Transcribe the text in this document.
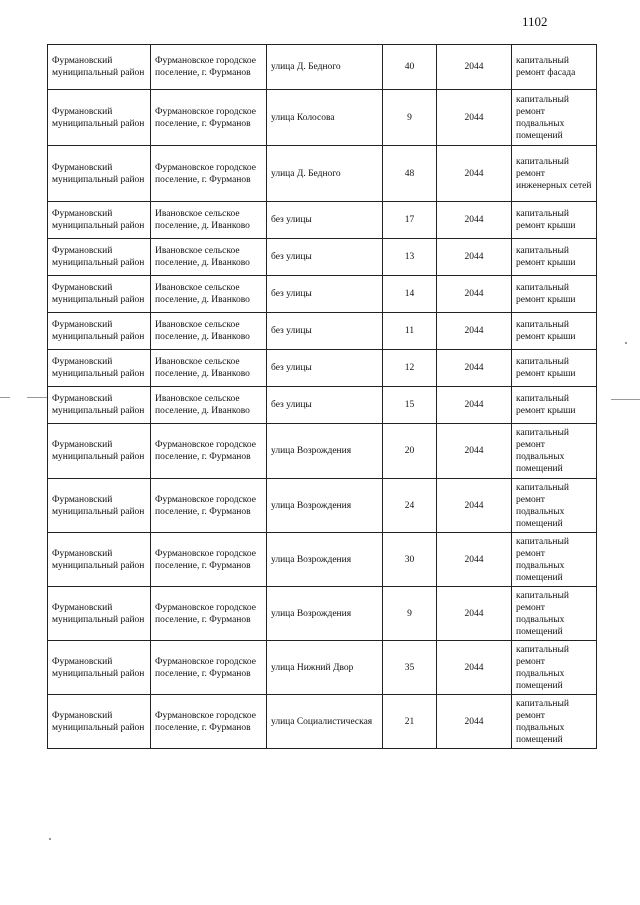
1102
Фурмановский муниципальный район	Фурмановское городское поселение, г. Фурманов	улица Д. Бедного	40	2044	капитальный ремонт фасада
Фурмановский муниципальный район	Фурмановское городское поселение, г. Фурманов	улица Колосова	9	2044	капитальный ремонт подвальных помещений
Фурмановский муниципальный район	Фурмановское городское поселение, г. Фурманов	улица Д. Бедного	48	2044	капитальный ремонт инженерных сетей
Фурмановский муниципальный район	Ивановское сельское поселение, д. Иванково	без улицы	17	2044	капитальный ремонт крыши
Фурмановский муниципальный район	Ивановское сельское поселение, д. Иванково	без улицы	13	2044	капитальный ремонт крыши
Фурмановский муниципальный район	Ивановское сельское поселение, д. Иванково	без улицы	14	2044	капитальный ремонт крыши
Фурмановский муниципальный район	Ивановское сельское поселение, д. Иванково	без улицы	11	2044	капитальный ремонт крыши
Фурмановский муниципальный район	Ивановское сельское поселение, д. Иванково	без улицы	12	2044	капитальный ремонт крыши
Фурмановский муниципальный район	Ивановское сельское поселение, д. Иванково	без улицы	15	2044	капитальный ремонт крыши
Фурмановский муниципальный район	Фурмановское городское поселение, г. Фурманов	улица Возрождения	20	2044	капитальный ремонт подвальных помещений
Фурмановский муниципальный район	Фурмановское городское поселение, г. Фурманов	улица Возрождения	24	2044	капитальный ремонт подвальных помещений
Фурмановский муниципальный район	Фурмановское городское поселение, г. Фурманов	улица Возрождения	30	2044	капитальный ремонт подвальных помещений
Фурмановский муниципальный район	Фурмановское городское поселение, г. Фурманов	улица Возрождения	9	2044	капитальный ремонт подвальных помещений
Фурмановский муниципальный район	Фурмановское городское поселение, г. Фурманов	улица Нижний Двор	35	2044	капитальный ремонт подвальных помещений
Фурмановский муниципальный район	Фурмановское городское поселение, г. Фурманов	улица Социалистическая	21	2044	капитальный ремонт подвальных помещений
